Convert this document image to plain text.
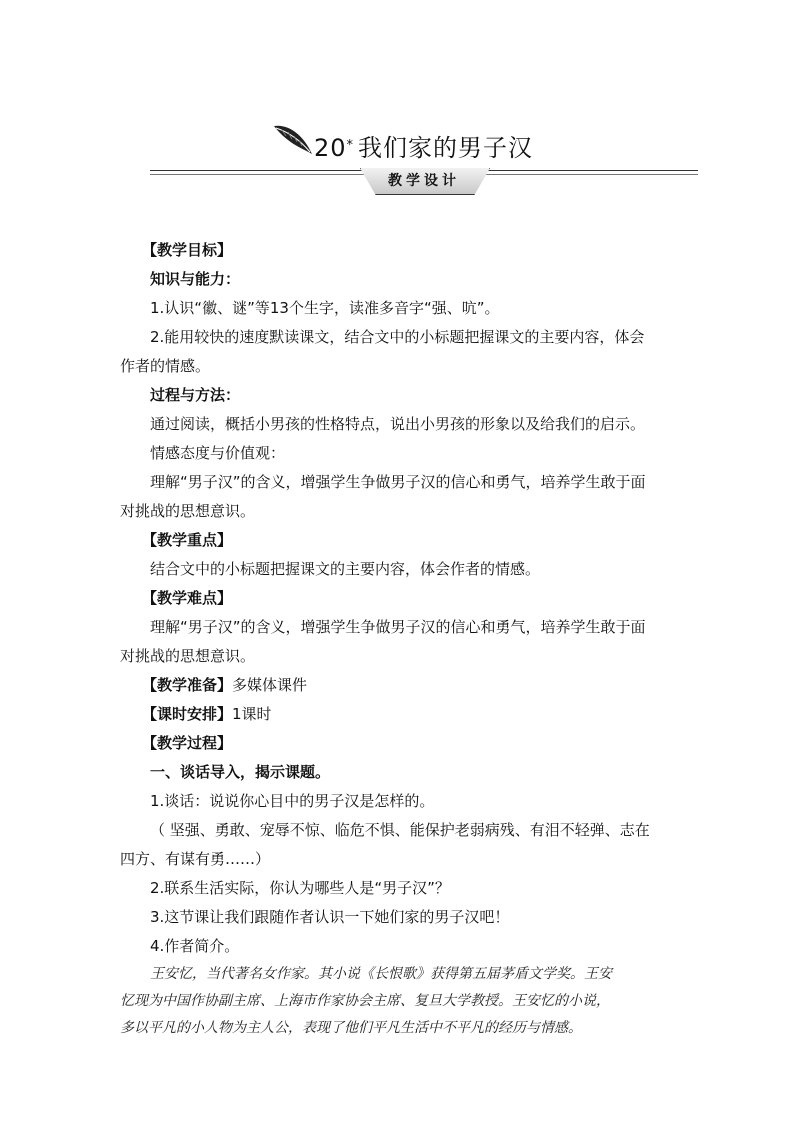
20* 我们家的男子汉
教学设计
【教学目标】
知识与能力：
1.认识“徽、谜”等13个生字，读准多音字“强、吭”。
2.能用较快的速度默读课文，结合文中的小标题把握课文的主要内容，体会
作者的情感。
过程与方法：
通过阅读，概括小男孩的性格特点，说出小男孩的形象以及给我们的启示。
情感态度与价值观：
理解“男子汉”的含义，增强学生争做男子汉的信心和勇气，培养学生敢于面
对挑战的思想意识。
【教学重点】
结合文中的小标题把握课文的主要内容，体会作者的情感。
【教学难点】
理解“男子汉”的含义，增强学生争做男子汉的信心和勇气，培养学生敢于面
对挑战的思想意识。
【教学准备】多媒体课件
【课时安排】1课时
【教学过程】
一、谈话导入，揭示课题。
1.谈话：说说你心目中的男子汉是怎样的。
（ 坚强、勇敢、宠辱不惊、临危不惧、能保护老弱病残、有泪不轻弹、志在
四方、有谋有勇……）
2.联系生活实际，你认为哪些人是“男子汉”？
3.这节课让我们跟随作者认识一下她们家的男子汉吧！
4.作者简介。
王安忆，当代著名女作家。其小说《长恨歌》获得第五届茅盾文学奖。王安
忆现为中国作协副主席、上海市作家协会主席、复旦大学教授。王安忆的小说，
多以平凡的小人物为主人公，表现了他们平凡生活中不平凡的经历与情感。
